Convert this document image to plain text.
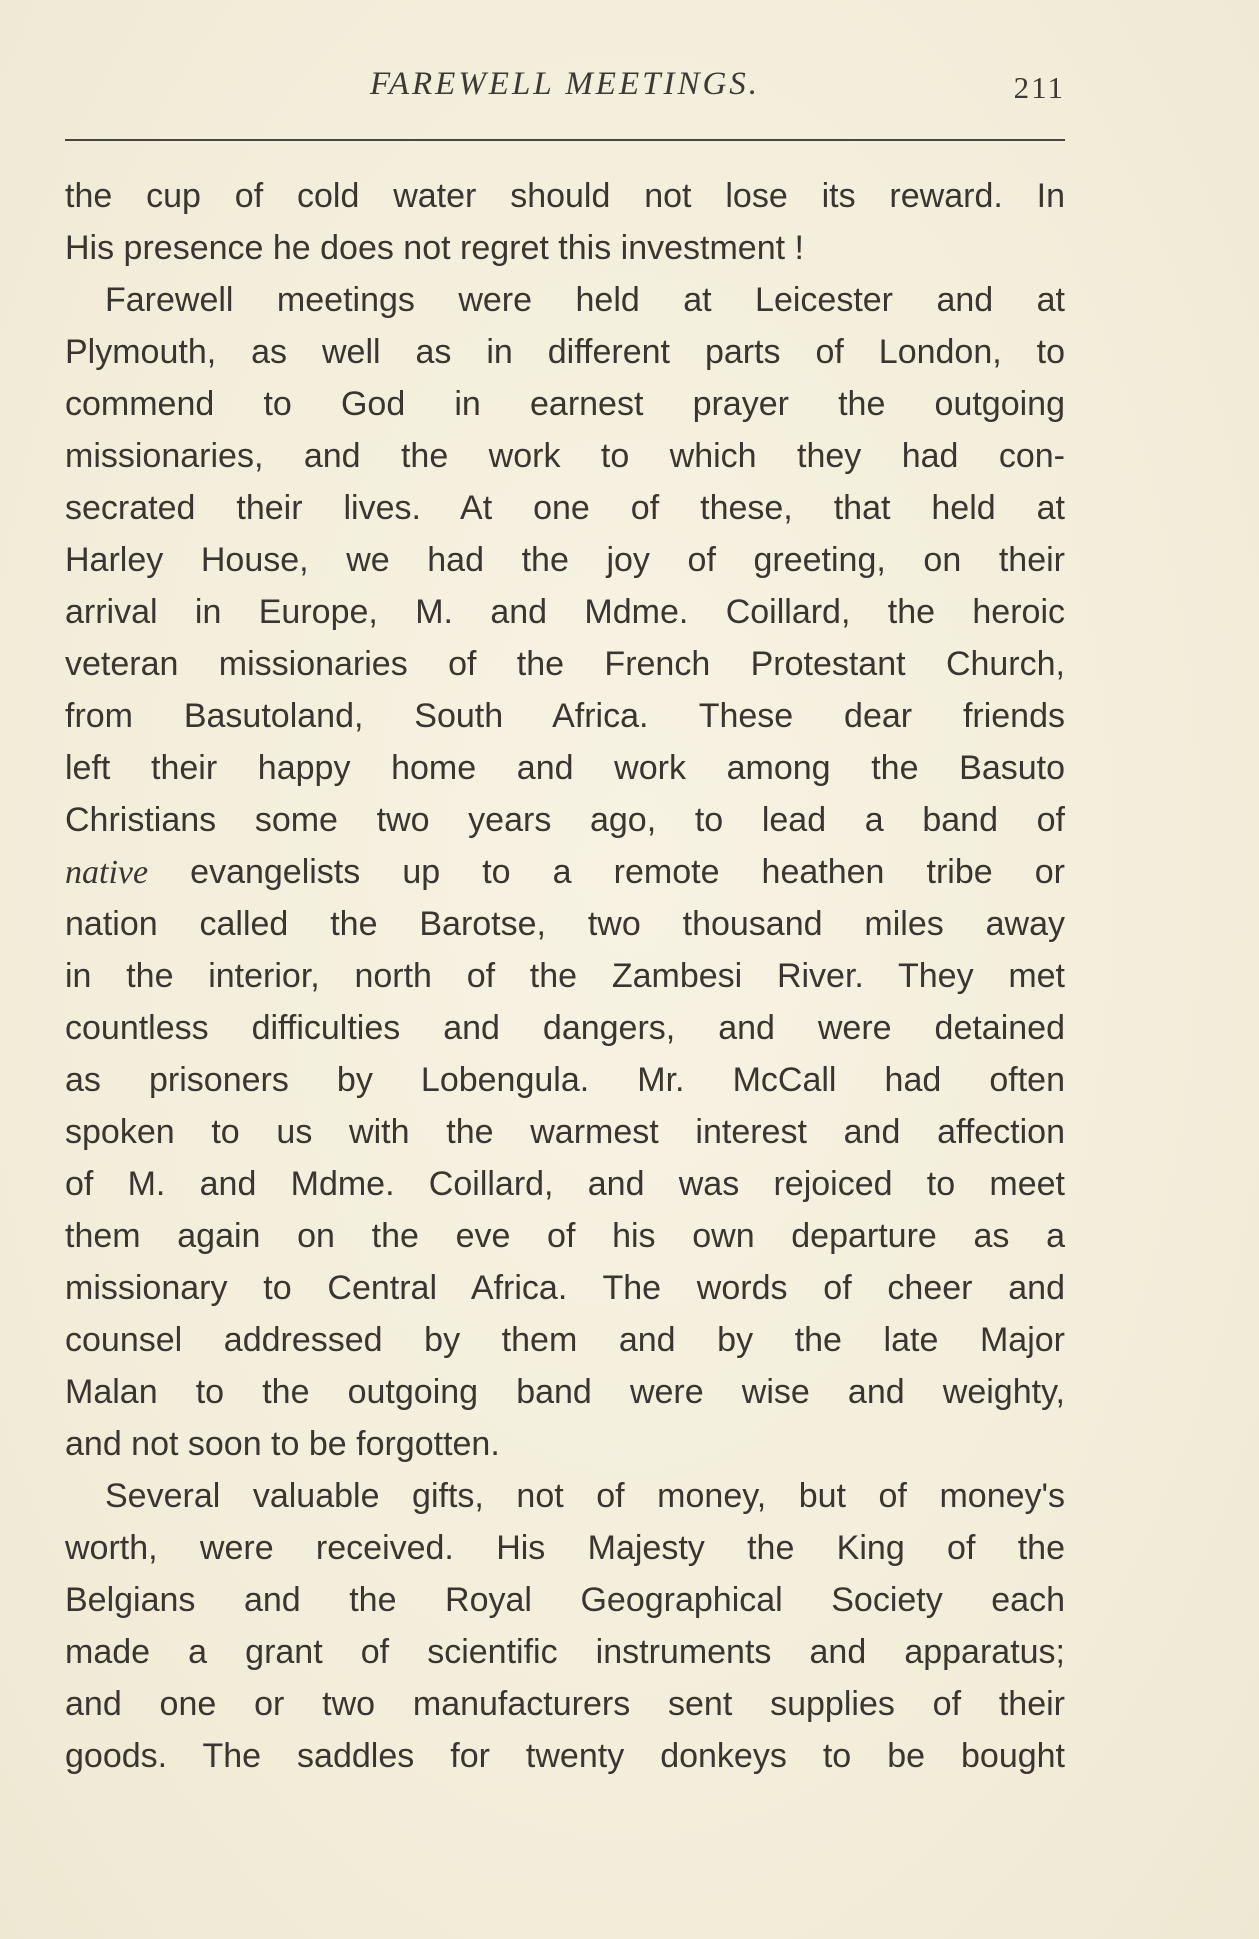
FAREWELL MEETINGS.	211
the cup of cold water should not lose its reward. In
His presence he does not regret this investment !
Farewell meetings were held at Leicester and at
Plymouth, as well as in different parts of London, to
commend to God in earnest prayer the outgoing
missionaries, and the work to which they had con-
secrated their lives. At one of these, that held at
Harley House, we had the joy of greeting, on their
arrival in Europe, M. and Mdme. Coillard, the heroic
veteran missionaries of the French Protestant Church,
from Basutoland, South Africa. These dear friends
left their happy home and work among the Basuto
Christians some two years ago, to lead a band of
native evangelists up to a remote heathen tribe or
nation called the Barotse, two thousand miles away
in the interior, north of the Zambesi River. They met
countless difficulties and dangers, and were detained
as prisoners by Lobengula. Mr. McCall had often
spoken to us with the warmest interest and affection
of M. and Mdme. Coillard, and was rejoiced to meet
them again on the eve of his own departure as a
missionary to Central Africa. The words of cheer and
counsel addressed by them and by the late Major
Malan to the outgoing band were wise and weighty,
and not soon to be forgotten.
Several valuable gifts, not of money, but of money's
worth, were received. His Majesty the King of the
Belgians and the Royal Geographical Society each
made a grant of scientific instruments and apparatus;
and one or two manufacturers sent supplies of their
goods. The saddles for twenty donkeys to be bought
